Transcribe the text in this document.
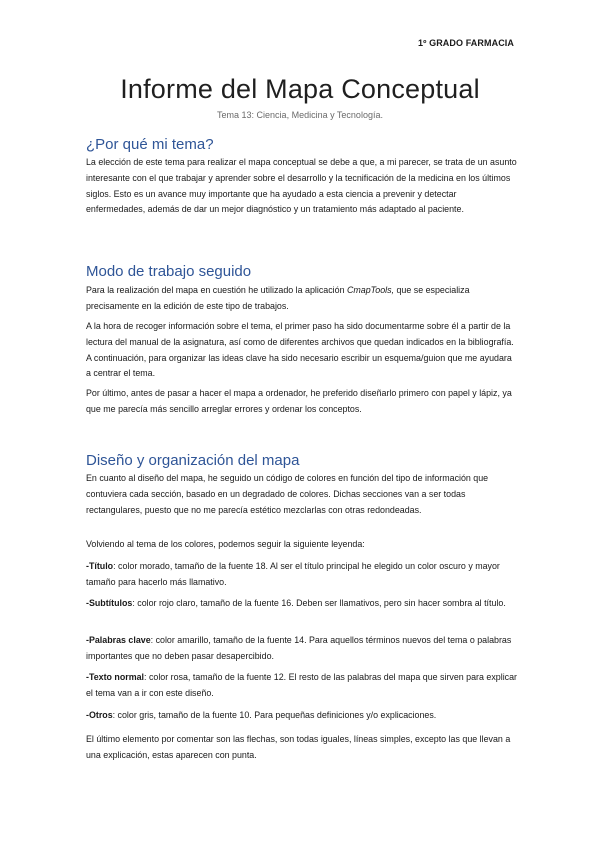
1º GRADO FARMACIA
Informe del Mapa Conceptual
Tema 13: Ciencia, Medicina y Tecnología.
¿Por qué mi tema?

La elección de este tema para realizar el mapa conceptual se debe a que, a mi parecer, se trata de un asunto interesante con el que trabajar y aprender sobre el desarrollo y la tecnificación de la medicina en los últimos siglos. Esto es un avance muy importante que ha ayudado a esta ciencia a prevenir y detectar enfermedades, además de dar un mejor diagnóstico y un tratamiento más adaptado al paciente.

Modo de trabajo seguido

Para la realización del mapa en cuestión he utilizado la aplicación CmapTools, que se especializa precisamente en la edición de este tipo de trabajos.

A la hora de recoger información sobre el tema, el primer paso ha sido documentarme sobre él a partir de la lectura del manual de la asignatura, así como de diferentes archivos que quedan indicados en la bibliografía. A continuación, para organizar las ideas clave ha sido necesario escribir un esquema/guion que me ayudara a centrar el tema.

Por último, antes de pasar a hacer el mapa a ordenador, he preferido diseñarlo primero con papel y lápiz, ya que me parecía más sencillo arreglar errores y ordenar los conceptos.

Diseño y organización del mapa

En cuanto al diseño del mapa, he seguido un código de colores en función del tipo de información que contuviera cada sección, basado en un degradado de colores. Dichas secciones van a ser todas rectangulares, puesto que no me parecía estético mezclarlas con otras redondeadas.

Volviendo al tema de los colores, podemos seguir la siguiente leyenda:

-Título: color morado, tamaño de la fuente 18. Al ser el título principal he elegido un color oscuro y mayor tamaño para hacerlo más llamativo.

-Subtítulos: color rojo claro, tamaño de la fuente 16. Deben ser llamativos, pero sin hacer sombra al título.

-Palabras clave: color amarillo, tamaño de la fuente 14. Para aquellos términos nuevos del tema o palabras importantes que no deben pasar desapercibido.

-Texto normal: color rosa, tamaño de la fuente 12. El resto de las palabras del mapa que sirven para explicar el tema van a ir con este diseño.

-Otros: color gris, tamaño de la fuente 10. Para pequeñas definiciones y/o explicaciones.

El último elemento por comentar son las flechas, son todas iguales, líneas simples, excepto las que llevan a una explicación, estas aparecen con punta.
